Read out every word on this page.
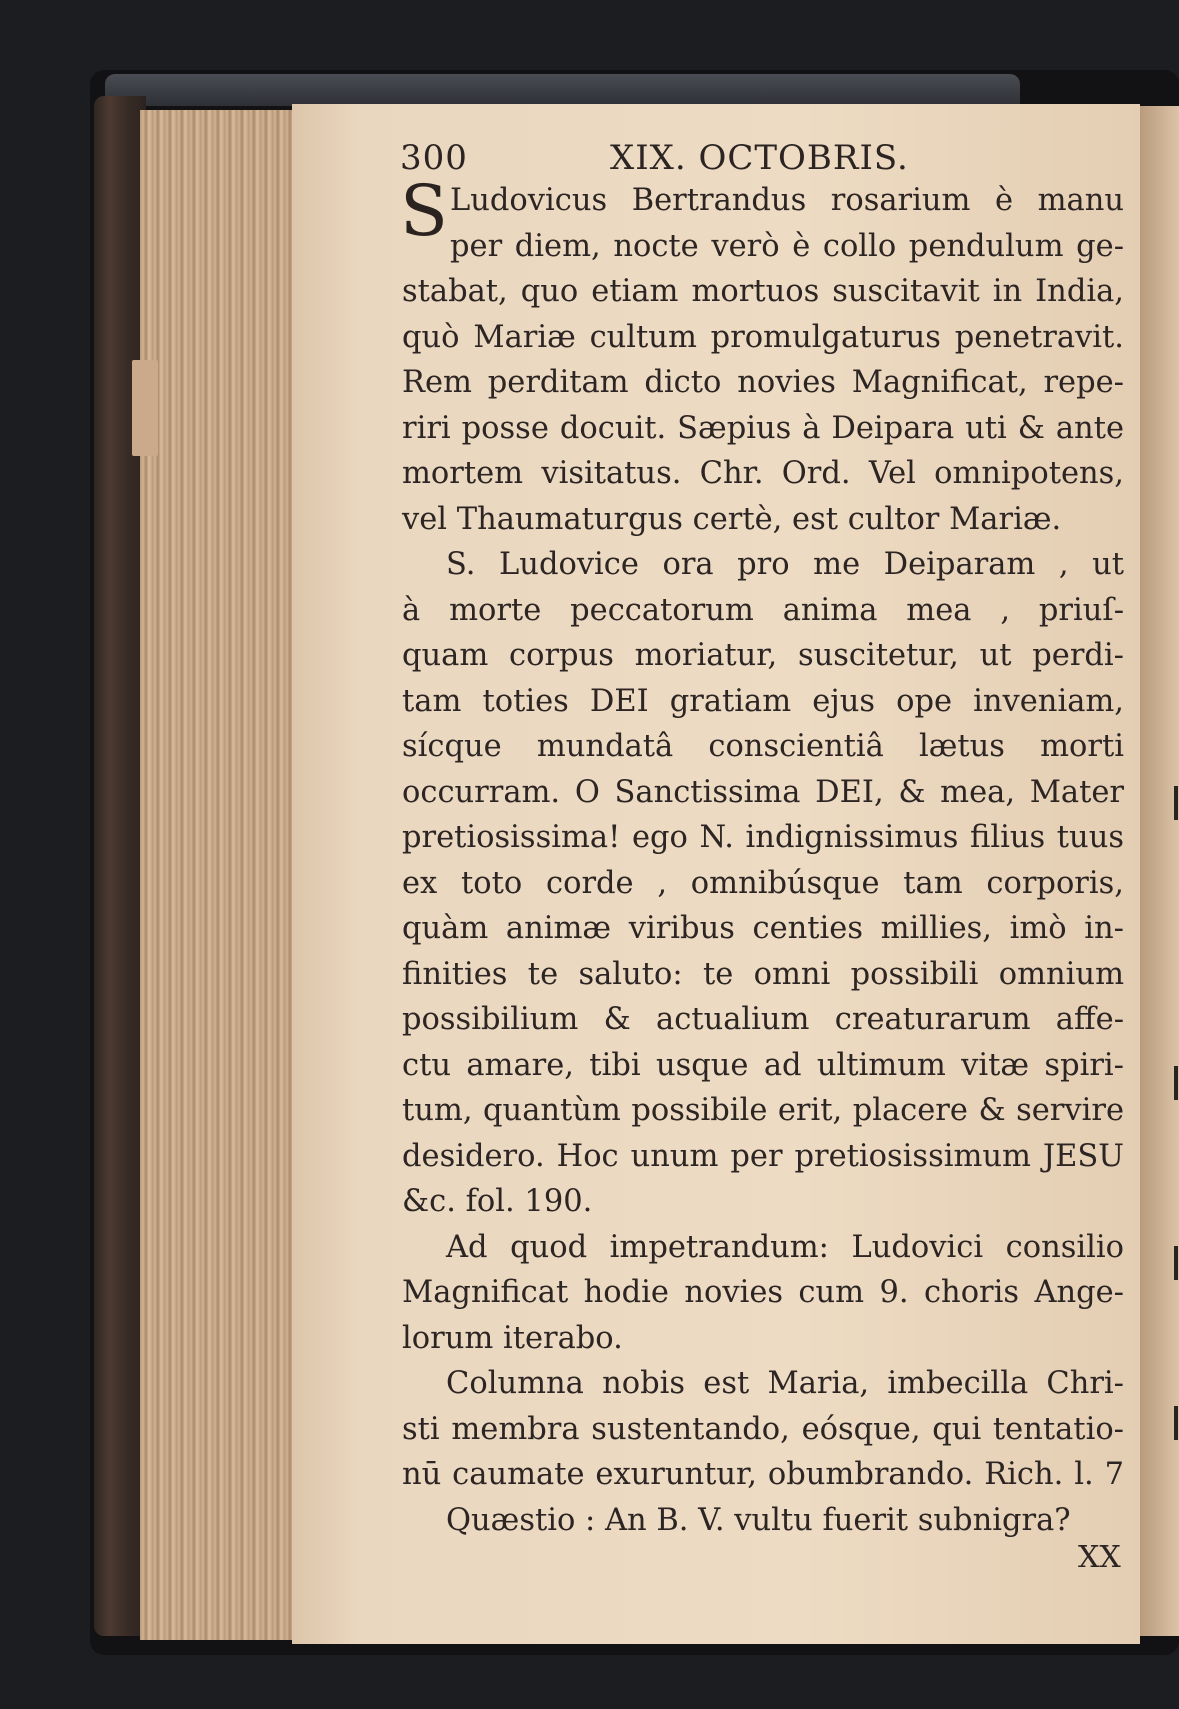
300	XIX. OCTOBRIS.
S Ludovicus Bertrandus rosarium è manu
per diem, nocte verò è collo pendulum ge-
stabat, quo etiam mortuos suscitavit in India,
quò Mariæ cultum promulgaturus penetravit.
Rem perditam dicto novies Magnificat, repe-
riri posse docuit. Sæpius à Deipara uti & ante
mortem visitatus. Chr. Ord. Vel omnipotens,
vel Thaumaturgus certè, est cultor Mariæ.
S. Ludovice ora pro me Deiparam , ut
à morte peccatorum anima mea , priuſ-
quam corpus moriatur, suscitetur, ut perdi-
tam toties DEI gratiam ejus ope inveniam,
sícque mundatâ conscientiâ lætus morti
occurram. O Sanctissima DEI, & mea, Mater
pretiosissima! ego N. indignissimus filius tuus
ex toto corde , omnibúsque tam corporis,
quàm animæ viribus centies millies, imò in-
finities te saluto: te omni possibili omnium
possibilium & actualium creaturarum affe-
ctu amare, tibi usque ad ultimum vitæ spiri-
tum, quantùm possibile erit, placere & servire
desidero. Hoc unum per pretiosissimum JESU
&c. fol. 190.
Ad quod impetrandum: Ludovici consilio
Magnificat hodie novies cum 9. choris Ange-
lorum iterabo.
Columna nobis est Maria, imbecilla Chri-
sti membra sustentando, eósque, qui tentatio-
nū caumate exuruntur, obumbrando. Rich. l. 7
Quæstio : An B. V. vultu fuerit subnigra?
XX
